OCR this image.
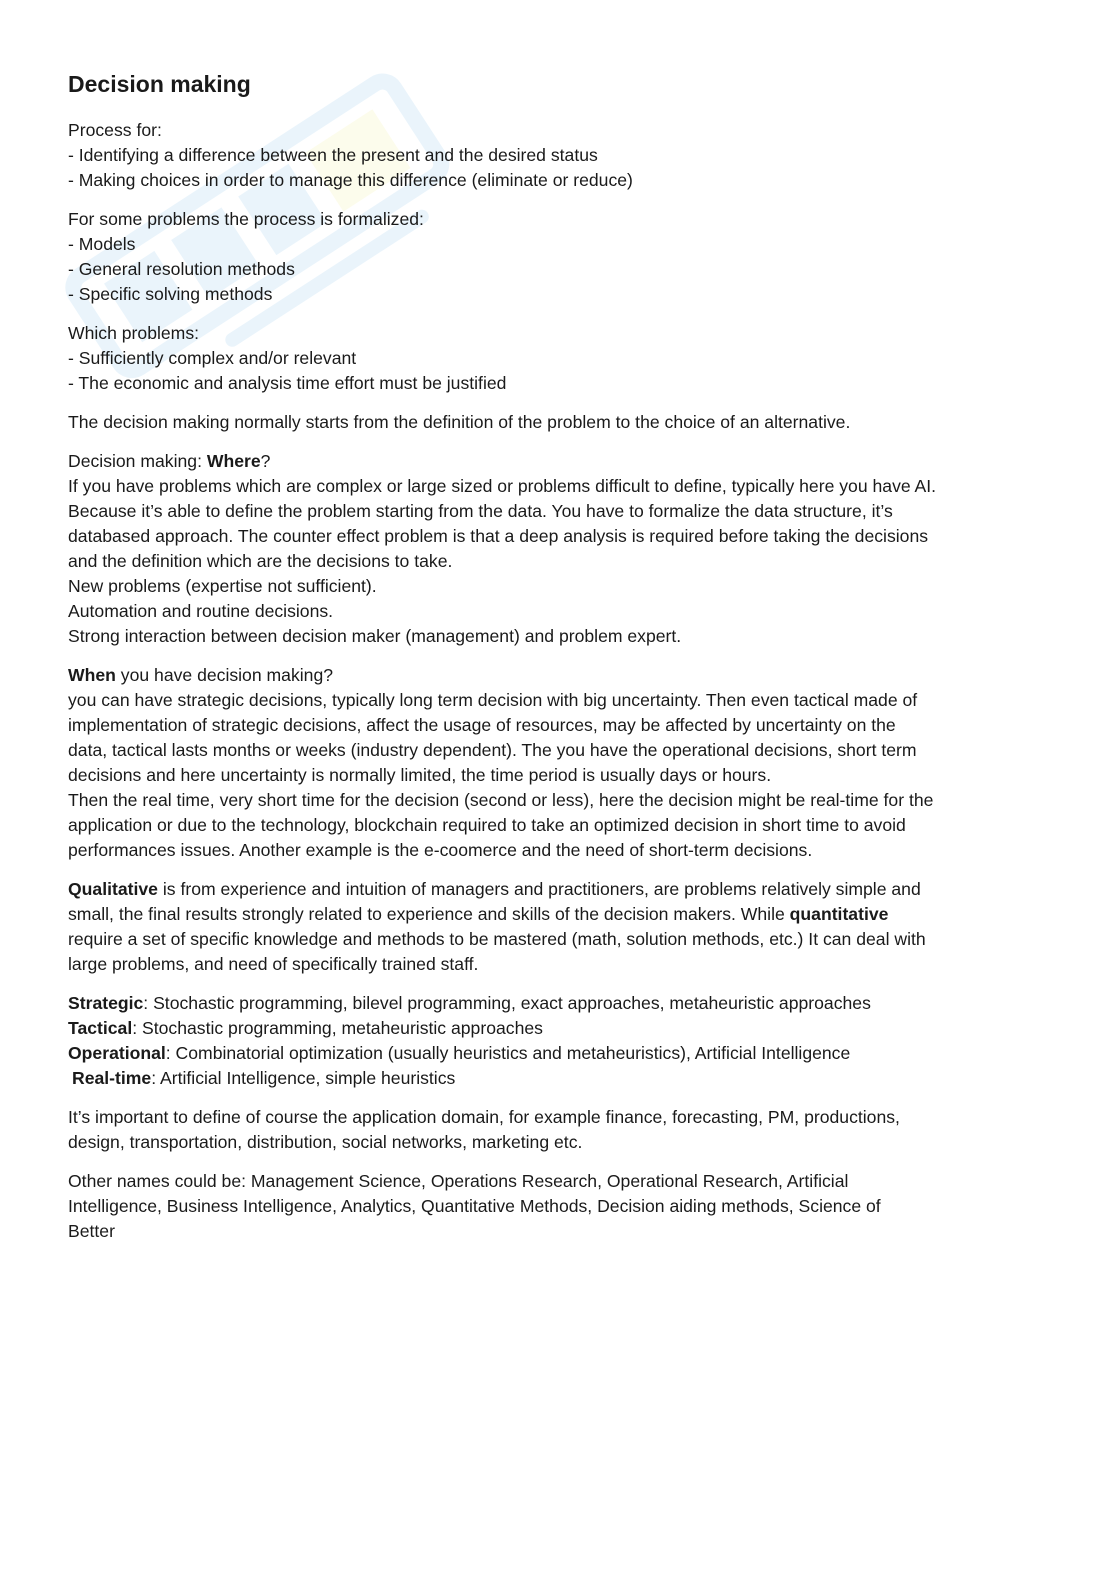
Decision making

Process for:
- Identifying a difference between the present and the desired status
- Making choices in order to manage this difference (eliminate or reduce)

For some problems the process is formalized:
- Models
- General resolution methods
- Specific solving methods

Which problems:
- Sufficiently complex and/or relevant
- The economic and analysis time effort must be justified

The decision making normally starts from the definition of the problem to the choice of an alternative.

Decision making: Where?
If you have problems which are complex or large sized or problems difficult to define, typically here you have AI.
Because it’s able to define the problem starting from the data. You have to formalize the data structure, it’s
databased approach. The counter effect problem is that a deep analysis is required before taking the decisions
and the definition which are the decisions to take.
New problems (expertise not sufficient).
Automation and routine decisions.
Strong interaction between decision maker (management) and problem expert.

When you have decision making?
you can have strategic decisions, typically long term decision with big uncertainty. Then even tactical made of
implementation of strategic decisions, affect the usage of resources, may be affected by uncertainty on the
data, tactical lasts months or weeks (industry dependent). The you have the operational decisions, short term
decisions and here uncertainty is normally limited, the time period is usually days or hours.
Then the real time, very short time for the decision (second or less), here the decision might be real-time for the
application or due to the technology, blockchain required to take an optimized decision in short time to avoid
performances issues. Another example is the e-coomerce and the need of short-term decisions.

Qualitative is from experience and intuition of managers and practitioners, are problems relatively simple and
small, the final results strongly related to experience and skills of the decision makers. While quantitative
require a set of specific knowledge and methods to be mastered (math, solution methods, etc.) It can deal with
large problems, and need of specifically trained staff.

Strategic: Stochastic programming, bilevel programming, exact approaches, metaheuristic approaches
Tactical: Stochastic programming, metaheuristic approaches
Operational: Combinatorial optimization (usually heuristics and metaheuristics), Artificial Intelligence
Real-time: Artificial Intelligence, simple heuristics

It’s important to define of course the application domain, for example finance, forecasting, PM, productions,
design, transportation, distribution, social networks, marketing etc.

Other names could be: Management Science, Operations Research, Operational Research, Artificial
Intelligence, Business Intelligence, Analytics, Quantitative Methods, Decision aiding methods, Science of
Better
